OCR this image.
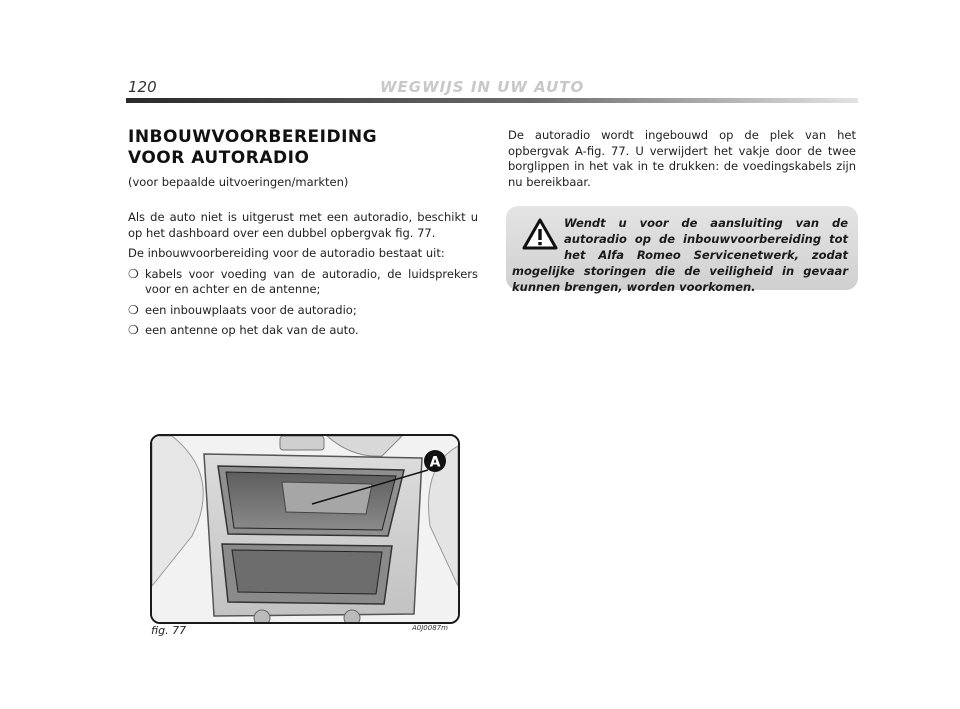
120	WEGWIJS IN UW AUTO
INBOUWVOORBEREIDING
VOOR AUTORADIO
(voor bepaalde uitvoeringen/markten)

Als de auto niet is uitgerust met een autoradio, beschikt u op het dashboard over een dubbel opbergvak fig. 77.

De inbouwvoorbereiding voor de autoradio bestaat uit:

❍ kabels voor voeding van de autoradio, de luidsprekers voor en achter en de antenne;
❍ een inbouwplaats voor de autoradio;
❍ een antenne op het dak van de auto.

De autoradio wordt ingebouwd op de plek van het opbergvak A-fig. 77. U verwijdert het vakje door de twee borglippen in het vak in te drukken: de voedingskabels zijn nu bereikbaar.

Wendt u voor de aansluiting van de autoradio op de inbouwvoorbereiding tot het Alfa Romeo Servicenetwerk, zodat mogelijke storingen die de veiligheid in gevaar kunnen brengen, worden voorkomen.

A
fig. 77	A0J0087m
